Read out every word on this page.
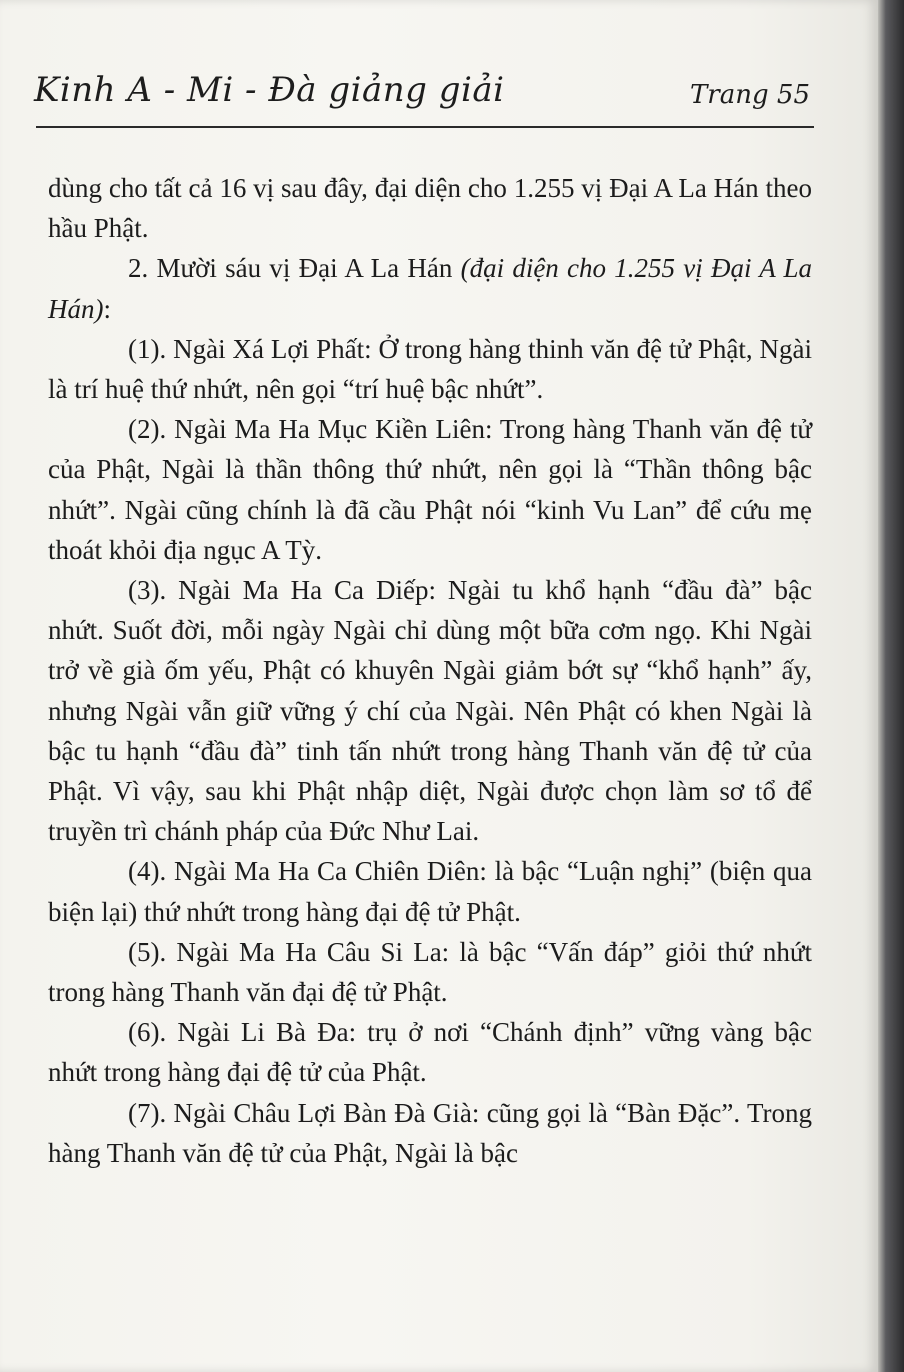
Kinh A - Mi - Đà giảng giải	Trang 55

dùng cho tất cả 16 vị sau đây, đại diện cho 1.255 vị Đại A La Hán theo hầu Phật.

2. Mười sáu vị Đại A La Hán (đại diện cho 1.255 vị Đại A La Hán):

(1). Ngài Xá Lợi Phất: Ở trong hàng thinh văn đệ tử Phật, Ngài là trí huệ thứ nhứt, nên gọi “trí huệ bậc nhứt”.

(2). Ngài Ma Ha Mục Kiền Liên: Trong hàng Thanh văn đệ tử của Phật, Ngài là thần thông thứ nhứt, nên gọi là “Thần thông bậc nhứt”. Ngài cũng chính là đã cầu Phật nói “kinh Vu Lan” để cứu mẹ thoát khỏi địa ngục A Tỳ.

(3). Ngài Ma Ha Ca Diếp: Ngài tu khổ hạnh “đầu đà” bậc nhứt. Suốt đời, mỗi ngày Ngài chỉ dùng một bữa cơm ngọ. Khi Ngài trở về già ốm yếu, Phật có khuyên Ngài giảm bớt sự “khổ hạnh” ấy, nhưng Ngài vẫn giữ vững ý chí của Ngài. Nên Phật có khen Ngài là bậc tu hạnh “đầu đà” tinh tấn nhứt trong hàng Thanh văn đệ tử của Phật. Vì vậy, sau khi Phật nhập diệt, Ngài được chọn làm sơ tổ để truyền trì chánh pháp của Đức Như Lai.

(4). Ngài Ma Ha Ca Chiên Diên: là bậc “Luận nghị” (biện qua biện lại) thứ nhứt trong hàng đại đệ tử Phật.

(5). Ngài Ma Ha Câu Si La: là bậc “Vấn đáp” giỏi thứ nhứt trong hàng Thanh văn đại đệ tử Phật.

(6). Ngài Li Bà Đa: trụ ở nơi “Chánh định” vững vàng bậc nhứt trong hàng đại đệ tử của Phật.

(7). Ngài Châu Lợi Bàn Đà Già: cũng gọi là “Bàn Đặc”. Trong hàng Thanh văn đệ tử của Phật, Ngài là bậc
